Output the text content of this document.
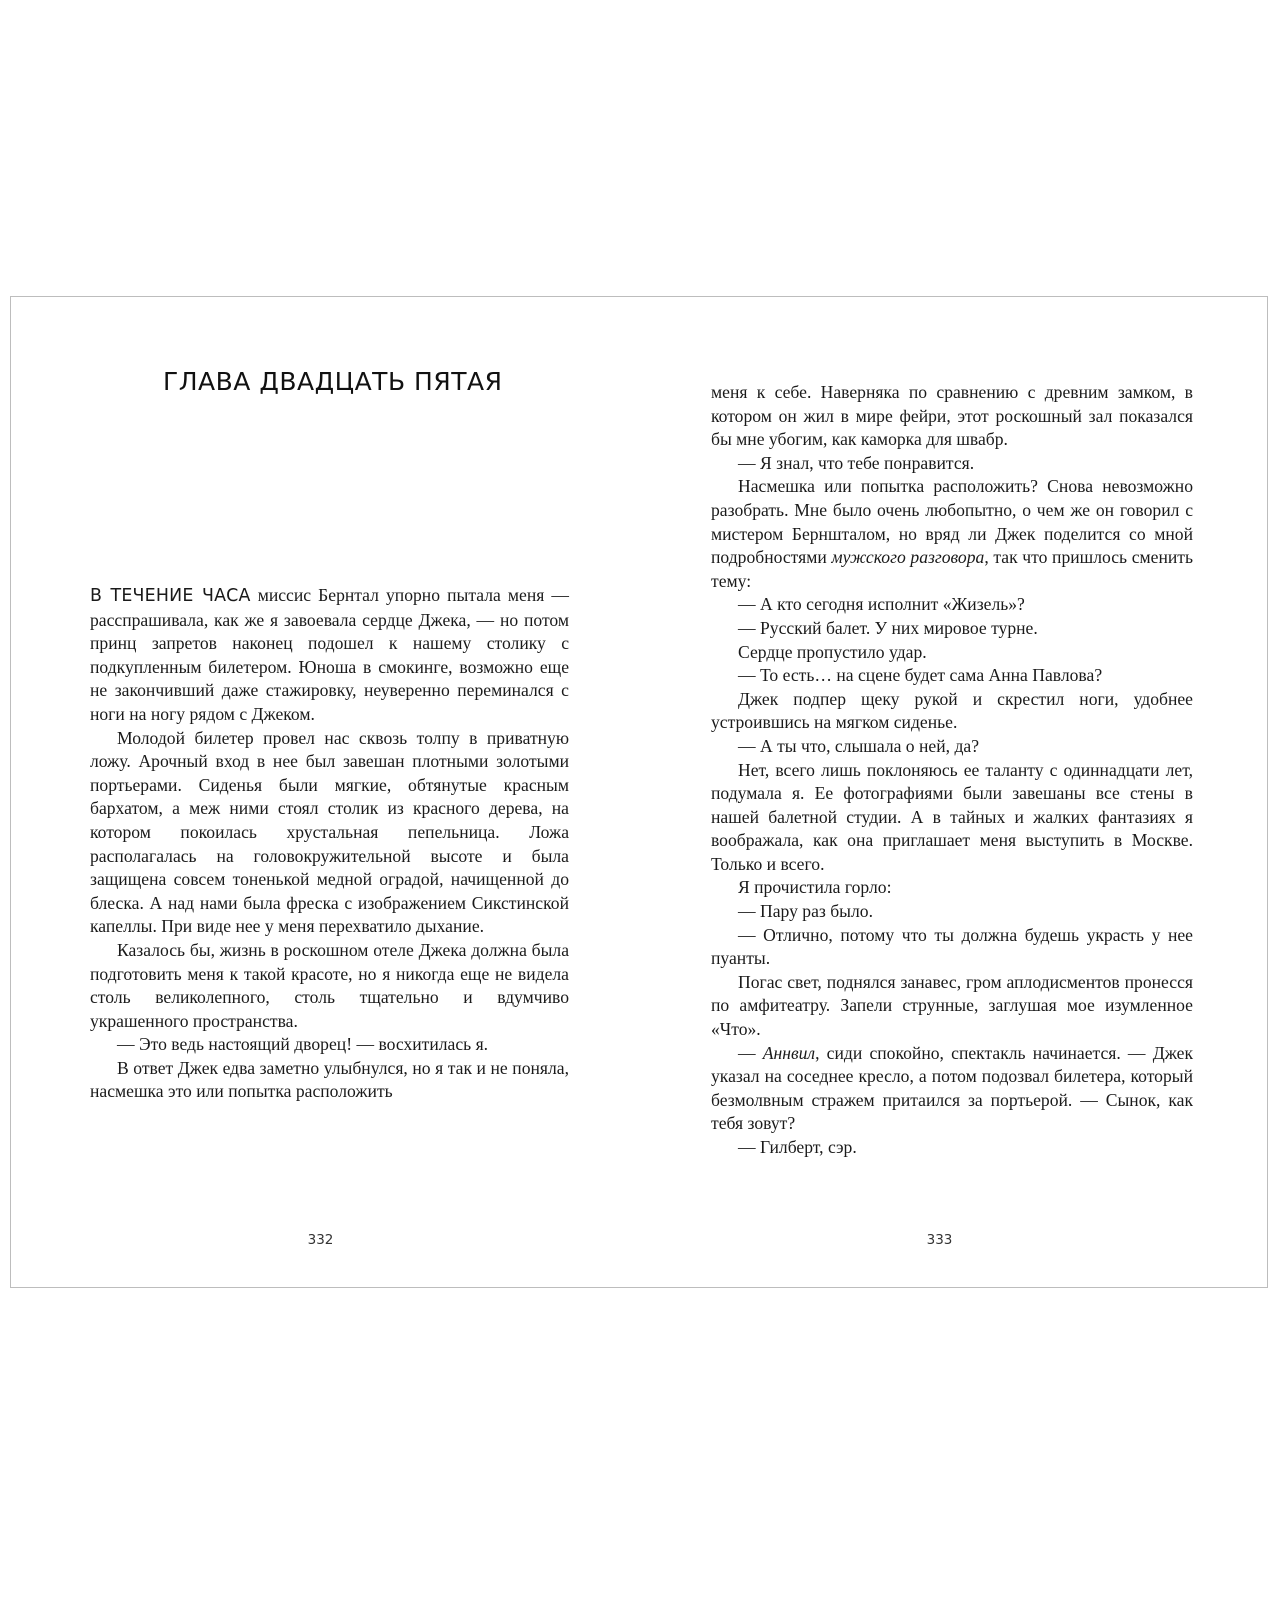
ГЛАВА ДВАДЦАТЬ ПЯТАЯ

В ТЕЧЕНИЕ ЧАСА миссис Бернтал упорно пыталa меня — расспрашивала, как же я завоевала сердце Джека, — но потом принц запретов наконец подошел к нашему столику с подкупленным билетером. Юноша в смокинге, возможно еще не закончивший даже стажировку, неуверенно переминался с ноги на ногу рядом с Джеком.

Молодой билетер провел нас сквозь толпу в приватную ложу. Арочный вход в нее был завешан плотными золотыми портьерами. Сиденья были мягкие, обтянутые красным бархатом, а меж ними стоял столик из красного дерева, на котором покоилась хрустальная пепельница. Ложа располагалась на головокружительной высоте и была защищена совсем тоненькой медной оградой, начищенной до блеска. А над нами была фреска с изображением Сикстинской капеллы. При виде нее у меня перехватило дыхание.

Казалось бы, жизнь в роскошном отеле Джека должна была подготовить меня к такой красоте, но я никогда еще не видела столь великолепного, столь тщательно и вдумчиво украшенного пространства.

— Это ведь настоящий дворец! — восхитилась я.

В ответ Джек едва заметно улыбнулся, но я так и не поняла, насмешка это или попытка расположить

332

меня к себе. Наверняка по сравнению с древним замком, в котором он жил в мире фейри, этот роскошный зал показался бы мне убогим, как каморка для швабр.

— Я знал, что тебе понравится.

Насмешка или попытка расположить? Снова невозможно разобрать. Мне было очень любопытно, о чем же он говорил с мистером Берншталом, но вряд ли Джек поделится со мной подробностями мужского разговора, так что пришлось сменить тему:

— А кто сегодня исполнит «Жизель»?

— Русский балет. У них мировое турне.

Сердце пропустило удар.

— То есть… на сцене будет сама Анна Павлова?

Джек подпер щеку рукой и скрестил ноги, удобнее устроившись на мягком сиденье.

— А ты что, слышала о ней, да?

Нет, всего лишь поклоняюсь ее таланту с одиннадцати лет, подумала я. Ее фотографиями были завешаны все стены в нашей балетной студии. А в тайных и жалких фантазиях я воображала, как она приглашает меня выступить в Москве. Только и всего.

Я прочистила горло:

— Пару раз было.

— Отлично, потому что ты должна будешь украсть у нее пуанты.

Погас свет, поднялся занавес, гром аплодисментов пронесся по амфитеатру. Запели струнные, заглушая мое изумленное «Что».

— Аннвил, сиди спокойно, спектакль начинается. — Джек указал на соседнее кресло, а потом подозвал билетера, который безмолвным стражем притаился за портьерой. — Сынок, как тебя зовут?

— Гилберт, сэр.

333
